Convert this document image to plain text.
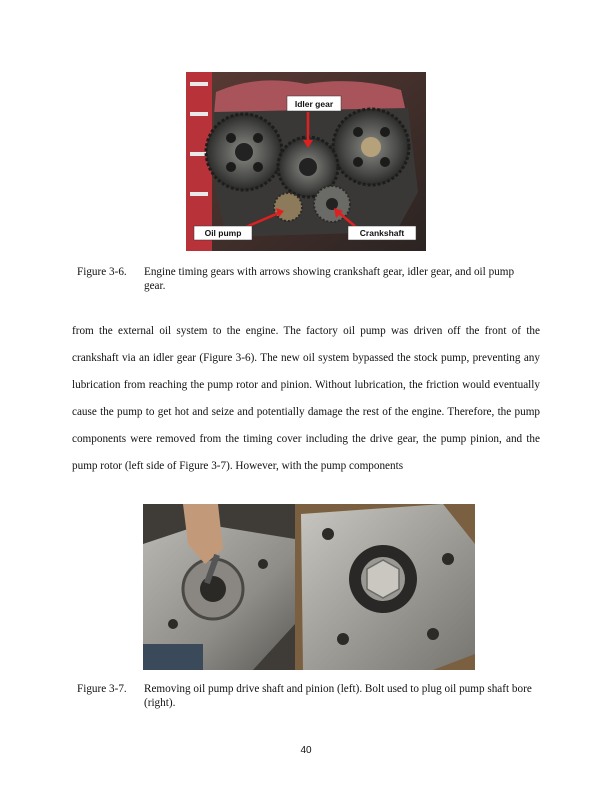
Idler gear
Oil pump	Crankshaft
Figure 3-6. Engine timing gears with arrows showing crankshaft gear, idler gear, and oil pump gear.
from the external oil system to the engine. The factory oil pump was driven off the front of the crankshaft via an idler gear (Figure 3-6). The new oil system bypassed the stock pump, preventing any lubrication from reaching the pump rotor and pinion. Without lubrication, the friction would eventually cause the pump to get hot and seize and potentially damage the rest of the engine. Therefore, the pump components were removed from the timing cover including the drive gear, the pump pinion, and the pump rotor (left side of Figure 3-7). However, with the pump components
Figure 3-7. Removing oil pump drive shaft and pinion (left). Bolt used to plug oil pump shaft bore (right).
40
